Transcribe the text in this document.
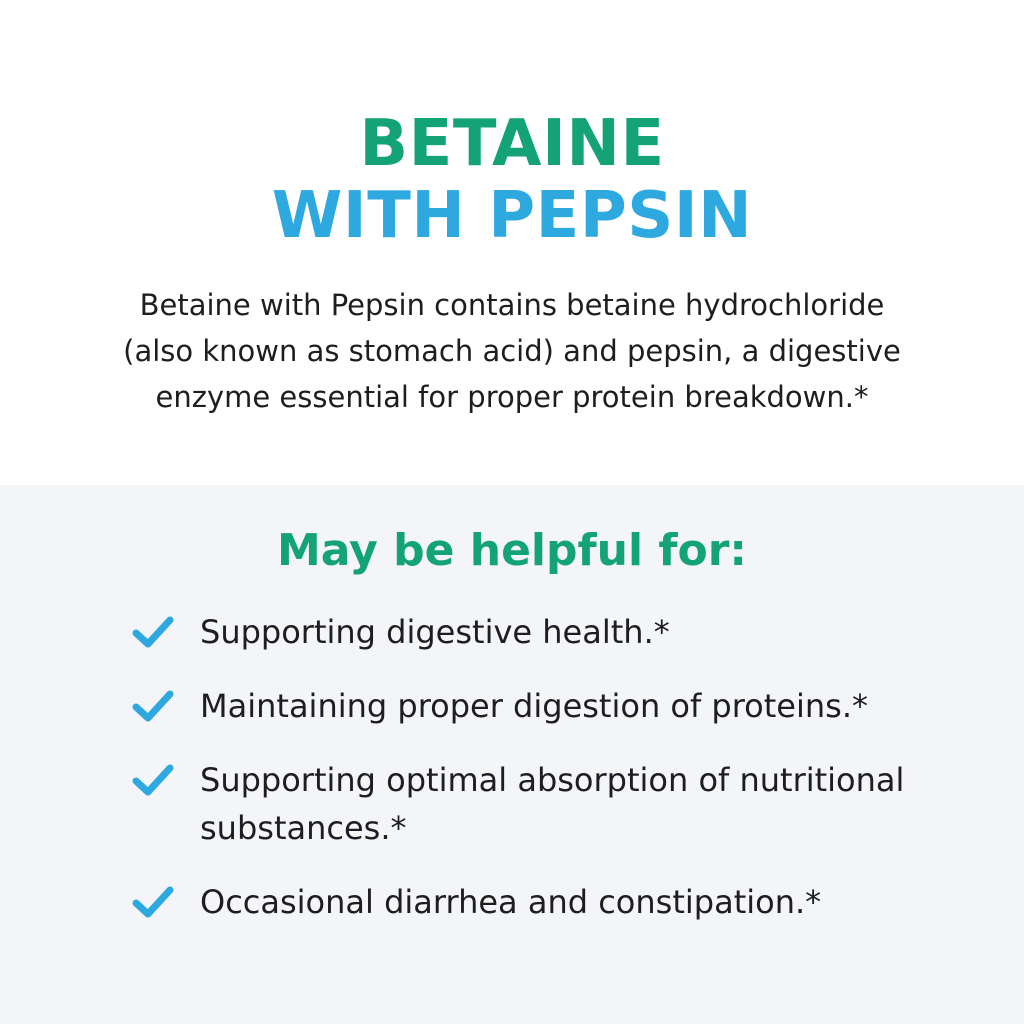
BETAINE
WITH PEPSIN
Betaine with Pepsin contains betaine hydrochloride (also known as stomach acid) and pepsin, a digestive enzyme essential for proper protein breakdown.*
May be helpful for:
Supporting digestive health.*
Maintaining proper digestion of proteins.*
Supporting optimal absorption of nutritional substances.*
Occasional diarrhea and constipation.*
